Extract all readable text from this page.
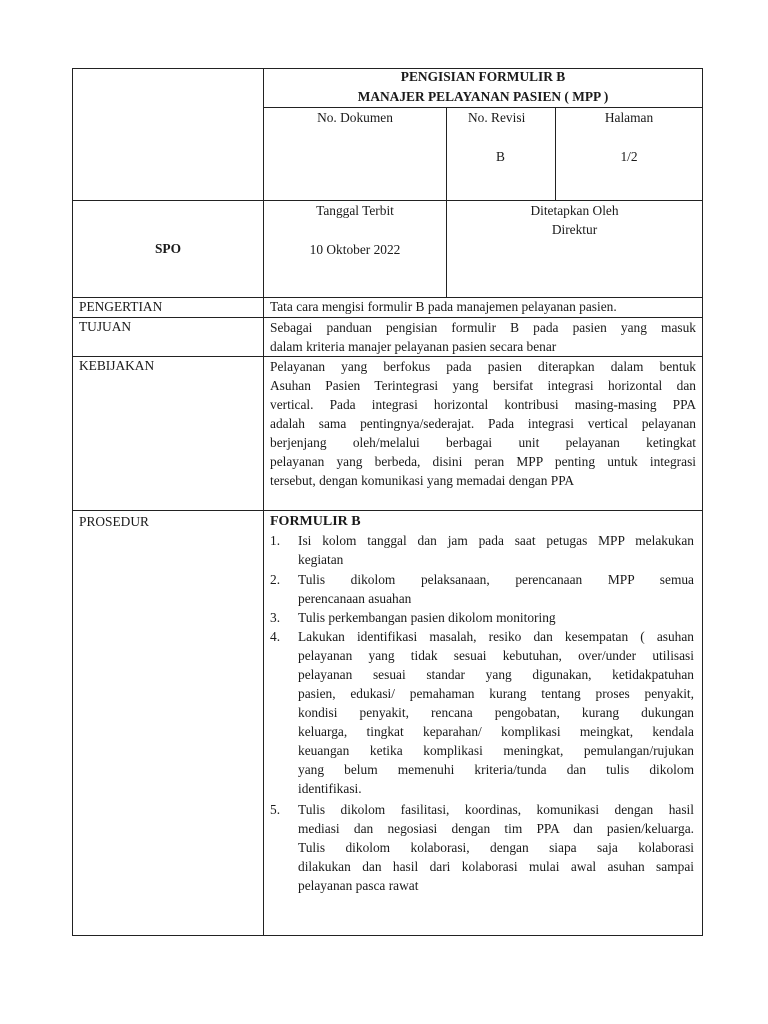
PENGISIAN FORMULIR B
MANAJER PELAYANAN PASIEN ( MPP )
No. Dokumen	No. Revisi
B
Halaman
1/2
SPO
Tanggal Terbit
10 Oktober 2022
Ditetapkan Oleh
Direktur
PENGERTIAN
TUJUAN
KEBIJAKAN
PROSEDUR
Tata cara mengisi formulir B pada manajemen pelayanan pasien.
Sebagai panduan pengisian formulir B pada pasien yang masuk
dalam kriteria manajer pelayanan pasien secara benar
Pelayanan yang berfokus pada pasien diterapkan dalam bentuk
Asuhan Pasien Terintegrasi yang bersifat integrasi horizontal dan
vertical. Pada integrasi horizontal kontribusi masing-masing PPA
adalah sama pentingnya/sederajat. Pada integrasi vertical pelayanan
berjenjang oleh/melalui berbagai unit pelayanan ketingkat
pelayanan yang berbeda, disini peran MPP penting untuk integrasi
tersebut, dengan komunikasi yang memadai dengan PPA
FORMULIR B
1. Isi kolom tanggal dan jam pada saat petugas MPP melakukan
kegiatan
2. Tulis dikolom pelaksanaan, perencanaan MPP semua
perencanaan asuahan
3. Tulis perkembangan pasien dikolom monitoring
4. Lakukan identifikasi masalah, resiko dan kesempatan ( asuhan
pelayanan yang tidak sesuai kebutuhan, over/under utilisasi
pelayanan sesuai standar yang digunakan, ketidakpatuhan
pasien, edukasi/ pemahaman kurang tentang proses penyakit,
kondisi penyakit, rencana pengobatan, kurang dukungan
keluarga, tingkat keparahan/ komplikasi meingkat, kendala
keuangan ketika komplikasi meningkat, pemulangan/rujukan
yang belum memenuhi kriteria/tunda dan tulis dikolom
identifikasi.
5. Tulis dikolom fasilitasi, koordinas, komunikasi dengan hasil
mediasi dan negosiasi dengan tim PPA dan pasien/keluarga.
Tulis dikolom kolaborasi, dengan siapa saja kolaborasi
dilakukan dan hasil dari kolaborasi mulai awal asuhan sampai
pelayanan pasca rawat
